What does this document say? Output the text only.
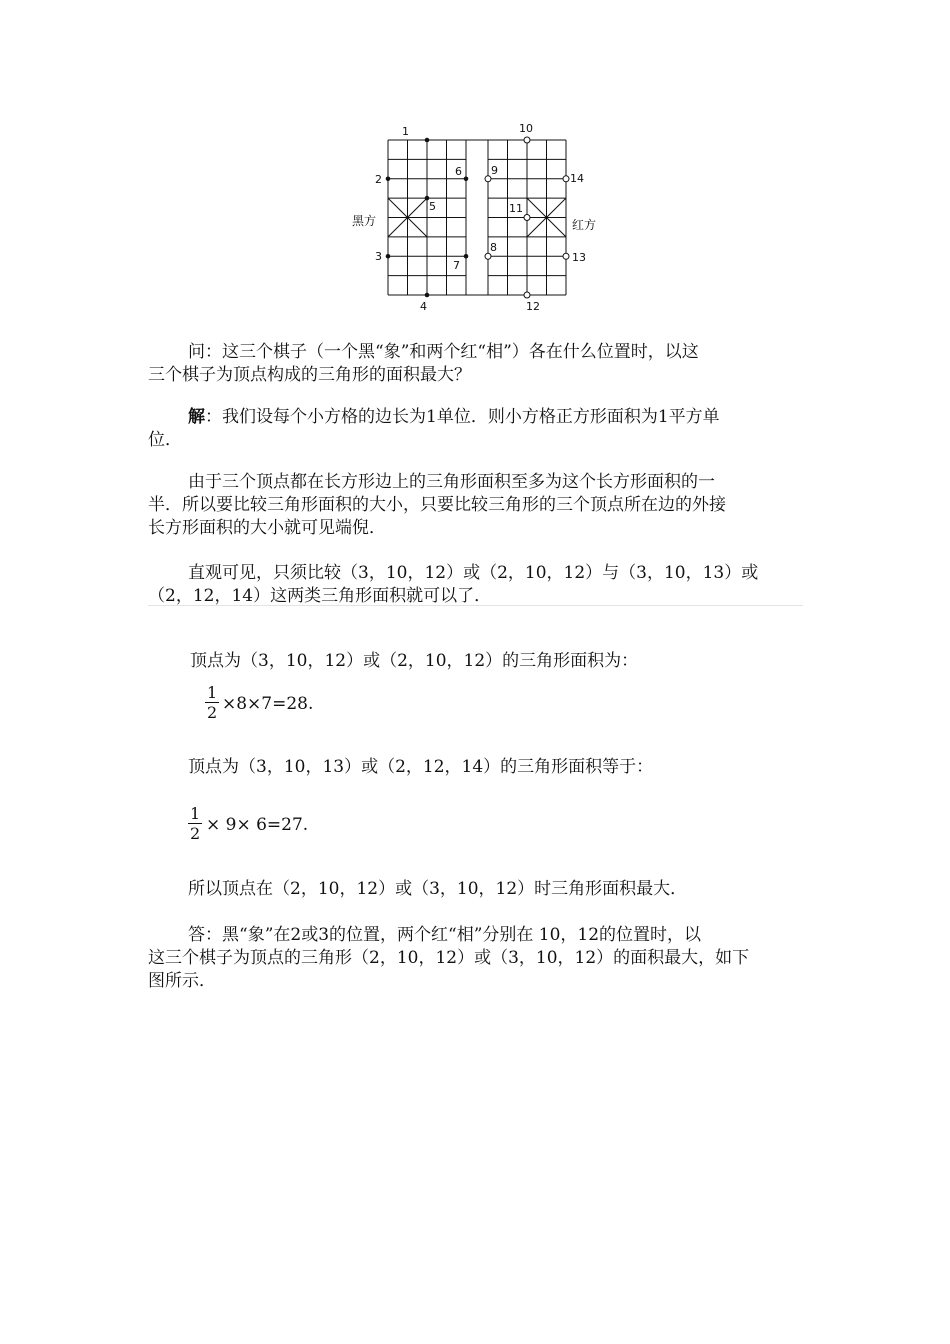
1
2
3
4
5
6
7
8
9
10
11
12
13
14
黑方	红方

问：这三个棋子（一个黑“象”和两个红“相”）各在什么位置时，以这

三个棋子为顶点构成的三角形的面积最大？

解：我们设每个小方格的边长为1单位．则小方格正方形面积为1平方单

位．

由于三个顶点都在长方形边上的三角形面积至多为这个长方形面积的一

半．所以要比较三角形面积的大小，只要比较三角形的三个顶点所在边的外接

长方形面积的大小就可见端倪．

直观可见，只须比较（3，10，12）或（2，10，12）与（3，10，13）或

（2，12，14）这两类三角形面积就可以了．

顶点为（3，10，12）或（2，10，12）的三角形面积为：

$\frac{1}{2} \times 8\times 7=28$.

顶点为（3，10，13）或（2，12，14）的三角形面积等于：

$\frac{1}{2} \times 9\times 6=27$.

所以顶点在（2，10，12）或（3，10，12）时三角形面积最大．

答：黑“象”在2或3的位置，两个红“相”分别在 10，12的位置时，以

这三个棋子为顶点的三角形（2，10，12）或（3，10，12）的面积最大，如下

图所示．
